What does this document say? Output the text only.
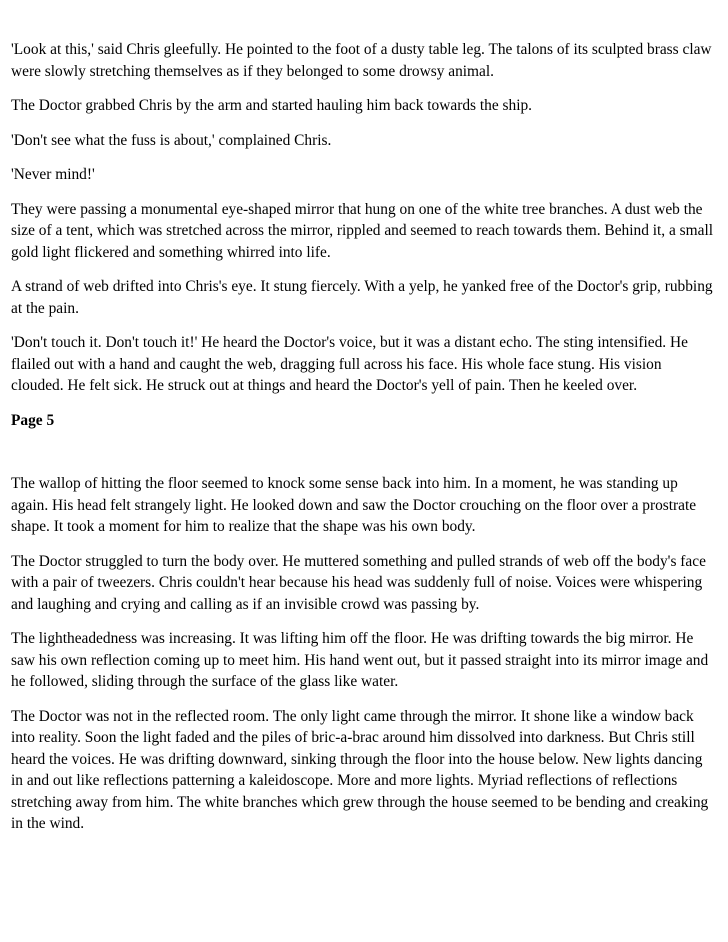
'Look at this,' said Chris gleefully. He pointed to the foot of a dusty table leg. The talons of its sculpted brass claw were slowly stretching themselves as if they belonged to some drowsy animal.

The Doctor grabbed Chris by the arm and started hauling him back towards the ship.

'Don't see what the fuss is about,' complained Chris.

'Never mind!'

They were passing a monumental eye-shaped mirror that hung on one of the white tree branches. A dust web the size of a tent, which was stretched across the mirror, rippled and seemed to reach towards them. Behind it, a small gold light flickered and something whirred into life.

A strand of web drifted into Chris's eye. It stung fiercely. With a yelp, he yanked free of the Doctor's grip, rubbing at the pain.

'Don't touch it. Don't touch it!' He heard the Doctor's voice, but it was a distant echo. The sting intensified. He flailed out with a hand and caught the web, dragging full across his face. His whole face stung. His vision clouded. He felt sick. He struck out at things and heard the Doctor's yell of pain. Then he keeled over.

Page 5

The wallop of hitting the floor seemed to knock some sense back into him. In a moment, he was standing up again. His head felt strangely light. He looked down and saw the Doctor crouching on the floor over a prostrate shape. It took a moment for him to realize that the shape was his own body.

The Doctor struggled to turn the body over. He muttered something and pulled strands of web off the body's face with a pair of tweezers. Chris couldn't hear because his head was suddenly full of noise. Voices were whispering and laughing and crying and calling as if an invisible crowd was passing by.

The lightheadedness was increasing. It was lifting him off the floor. He was drifting towards the big mirror. He saw his own reflection coming up to meet him. His hand went out, but it passed straight into its mirror image and he followed, sliding through the surface of the glass like water.

The Doctor was not in the reflected room. The only light came through the mirror. It shone like a window back into reality. Soon the light faded and the piles of bric-a-brac around him dissolved into darkness. But Chris still heard the voices. He was drifting downward, sinking through the floor into the house below. New lights dancing in and out like reflections patterning a kaleidoscope. More and more lights. Myriad reflections of reflections stretching away from him. The white branches which grew through the house seemed to be bending and creaking in the wind.
